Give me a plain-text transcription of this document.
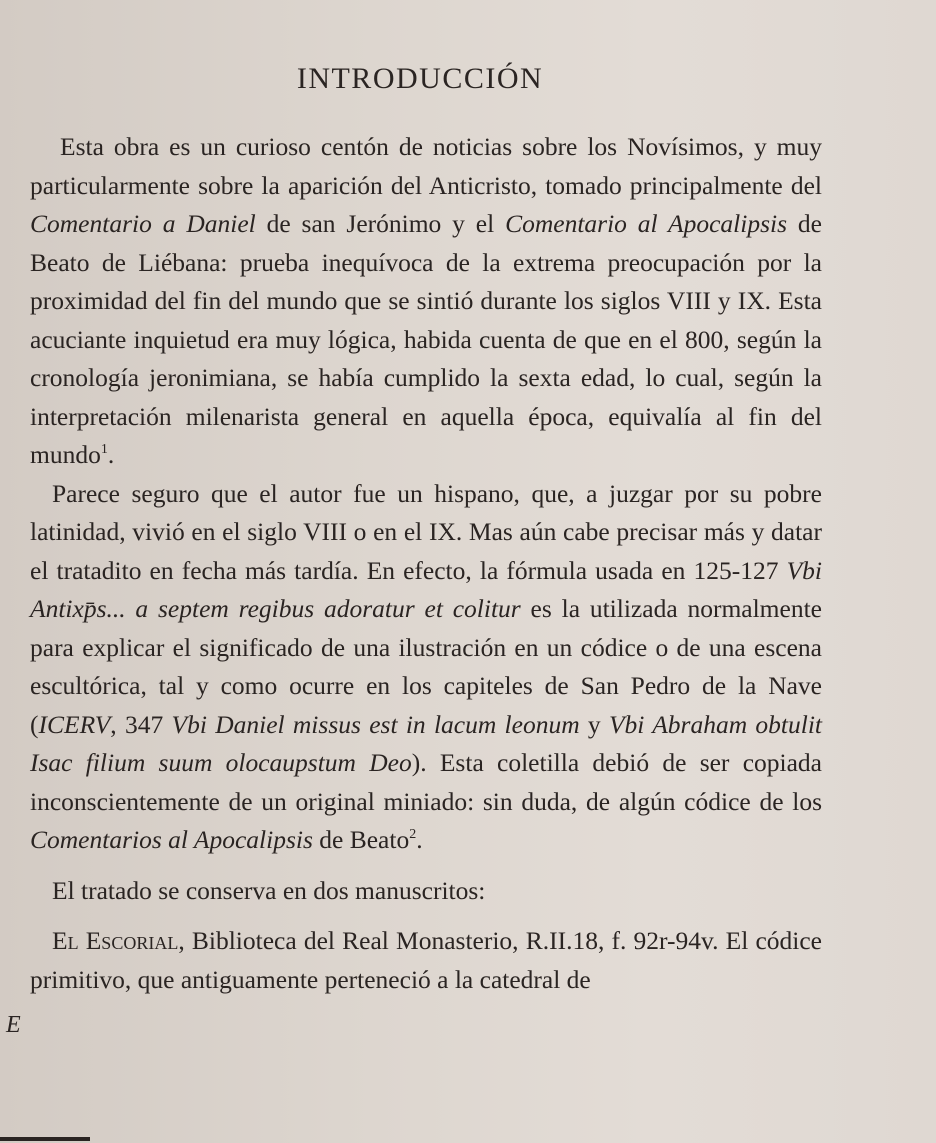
INTRODUCCIÓN

Esta obra es un curioso centón de noticias sobre los Novísimos, y muy particularmente sobre la aparición del Anticristo, tomado principalmente del Comentario a Daniel de san Jerónimo y el Comentario al Apocalipsis de Beato de Liébana: prueba inequívoca de la extrema preocupación por la proximidad del fin del mundo que se sintió durante los siglos VIII y IX. Esta acuciante inquietud era muy lógica, habida cuenta de que en el 800, según la cronología jeronimiana, se había cumplido la sexta edad, lo cual, según la interpretación milenarista general en aquella época, equivalía al fin del mundo$^1$.

Parece seguro que el autor fue un hispano, que, a juzgar por su pobre latinidad, vivió en el siglo VIII o en el IX. Mas aún cabe precisar más y datar el tratadito en fecha más tardía. En efecto, la fórmula usada en 125-127 Vbi Antixp̄s... a septem regibus adoratur et colitur es la utilizada normalmente para explicar el significado de una ilustración en un códice o de una escena escultórica, tal y como ocurre en los capiteles de San Pedro de la Nave (ICERV, 347 Vbi Daniel missus est in lacum leonum y Vbi Abraham obtulit Isac filium suum olocaupstum Deo). Esta coletilla debió de ser copiada inconscientemente de un original miniado: sin duda, de algún códice de los Comentarios al Apocalipsis de Beato$^2$.

El tratado se conserva en dos manuscritos:

El Escorial, Biblioteca del Real Monasterio, R.II.18, f. 92r-94v. El códice primitivo, que antiguamente perteneció a la catedral de

E
